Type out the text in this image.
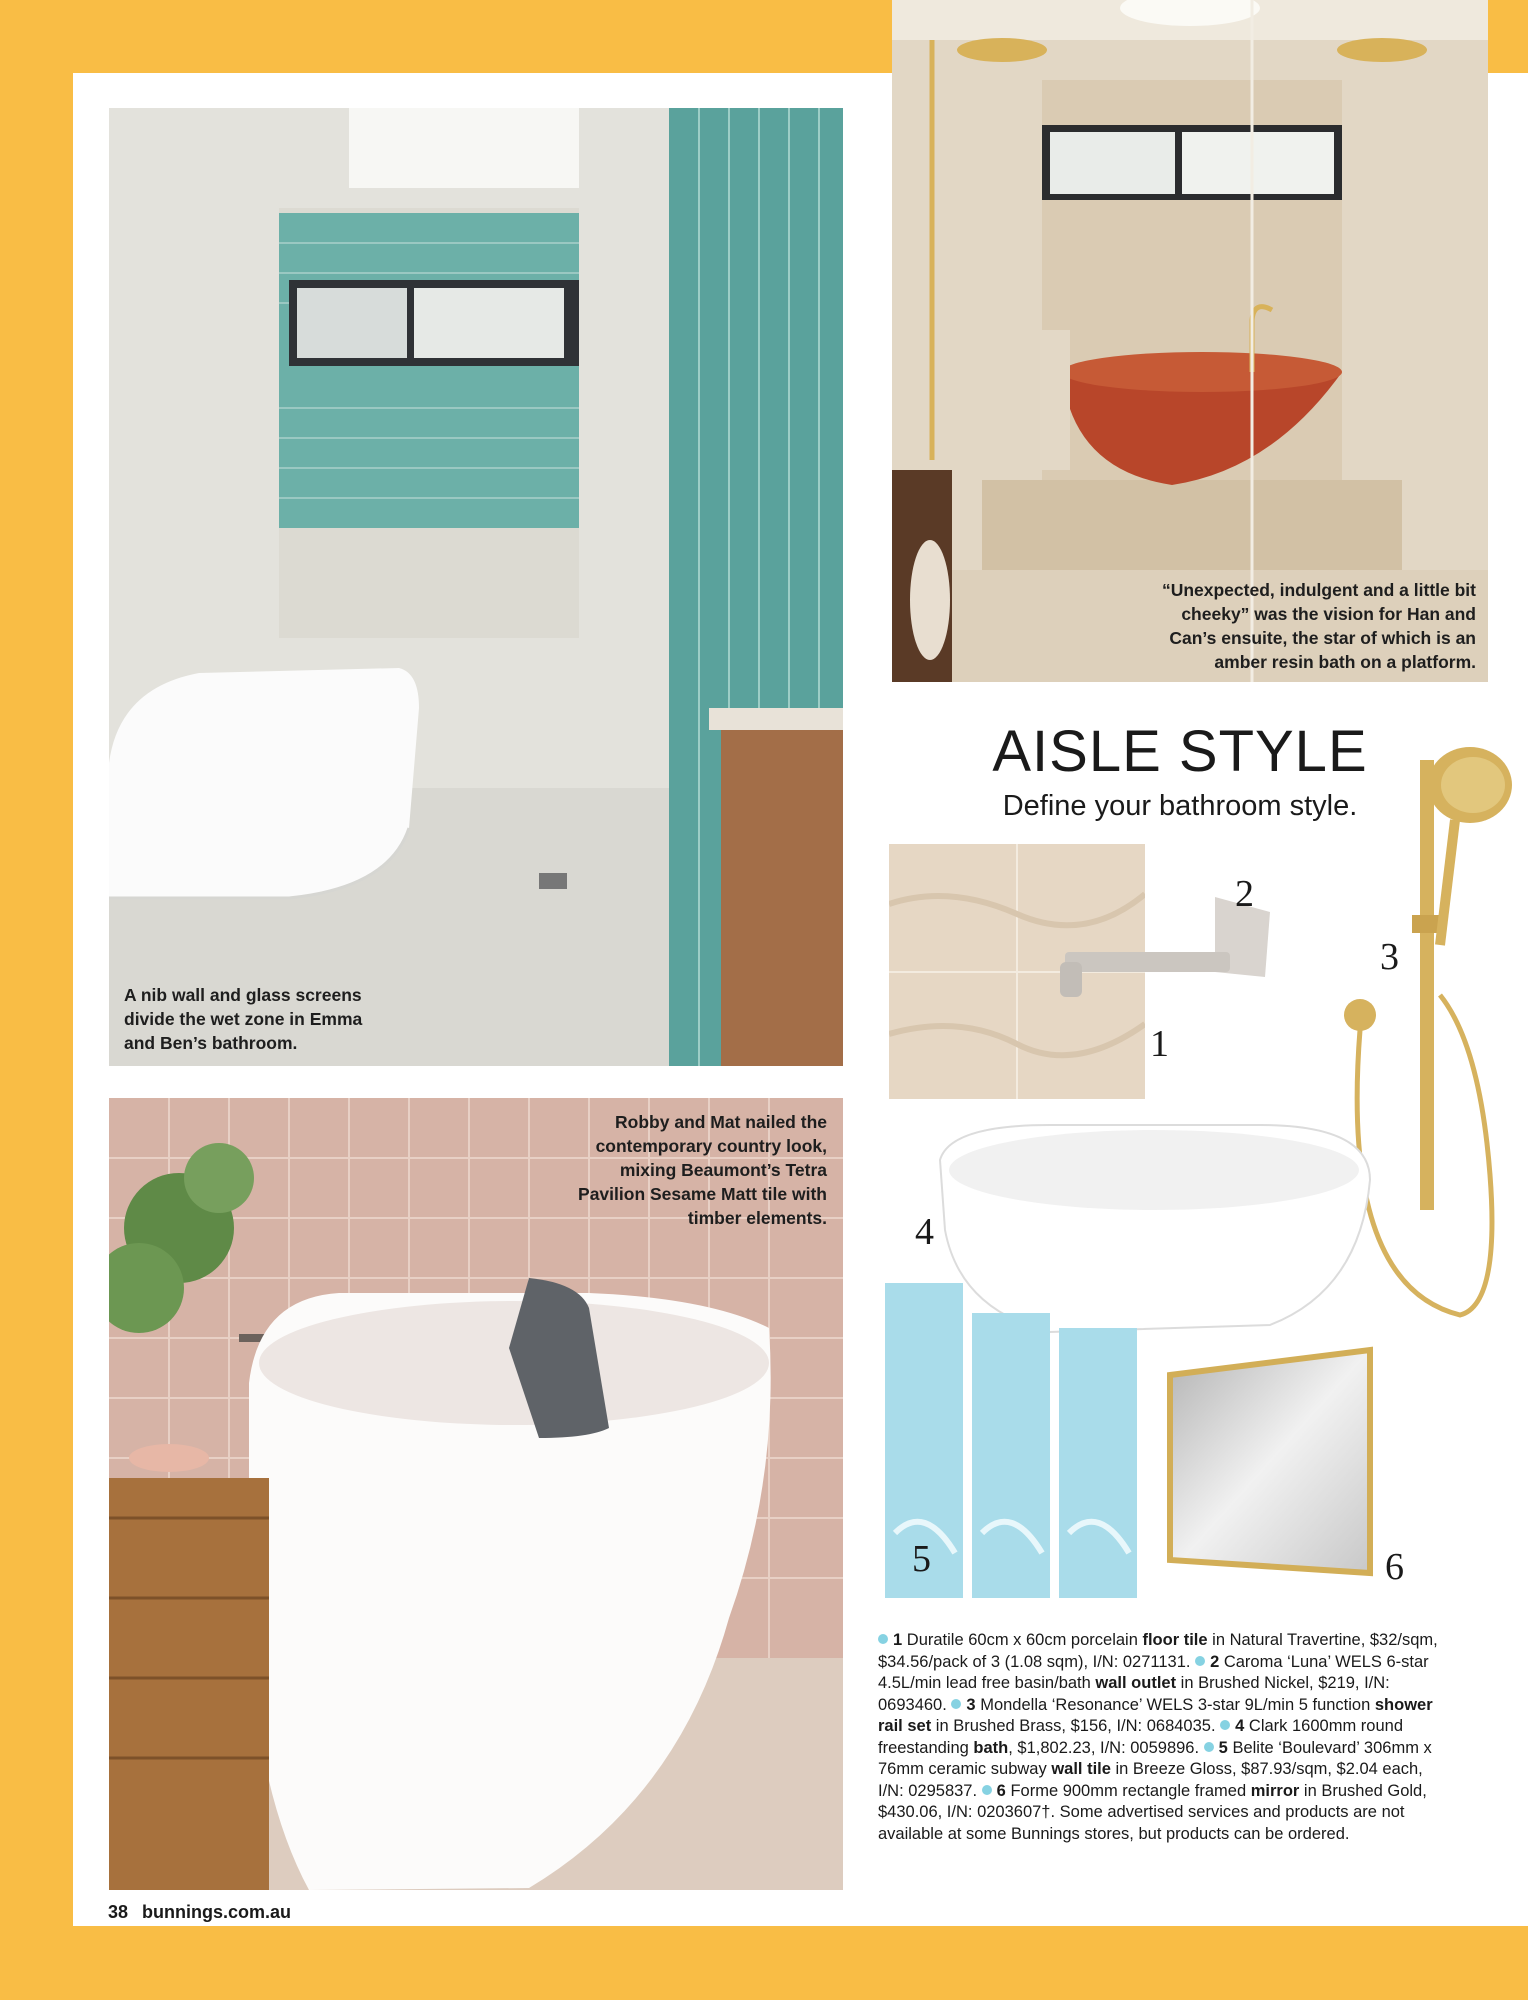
A nib wall and glass screens divide the wet zone in Emma and Ben’s bathroom.
“Unexpected, indulgent and a little bit cheeky” was the vision for Han and Can’s ensuite, the star of which is an amber resin bath on a platform.
Robby and Mat nailed the contemporary country look, mixing Beaumont’s Tetra Pavilion Sesame Matt tile with timber elements.
AISLE STYLE
Define your bathroom style.
1
2
3
4
5	6
1 Duratile 60cm x 60cm porcelain floor tile in Natural Travertine, $32/sqm, $34.56/pack of 3 (1.08 sqm), I/N: 0271131. 2 Caroma ‘Luna’ WELS 6-star 4.5L/min lead free basin/bath wall outlet in Brushed Nickel, $219, I/N: 0693460. 3 Mondella ‘Resonance’ WELS 3-star 9L/min 5 function shower rail set in Brushed Brass, $156, I/N: 0684035. 4 Clark 1600mm round freestanding bath, $1,802.23, I/N: 0059896. 5 Belite ‘Boulevard’ 306mm x 76mm ceramic subway wall tile in Breeze Gloss, $87.93/sqm, $2.04 each, I/N: 0295837. 6 Forme 900mm rectangle framed mirror in Brushed Gold, $430.06, I/N: 0203607†. Some advertised services and products are not available at some Bunnings stores, but products can be ordered.
38 bunnings.com.au
